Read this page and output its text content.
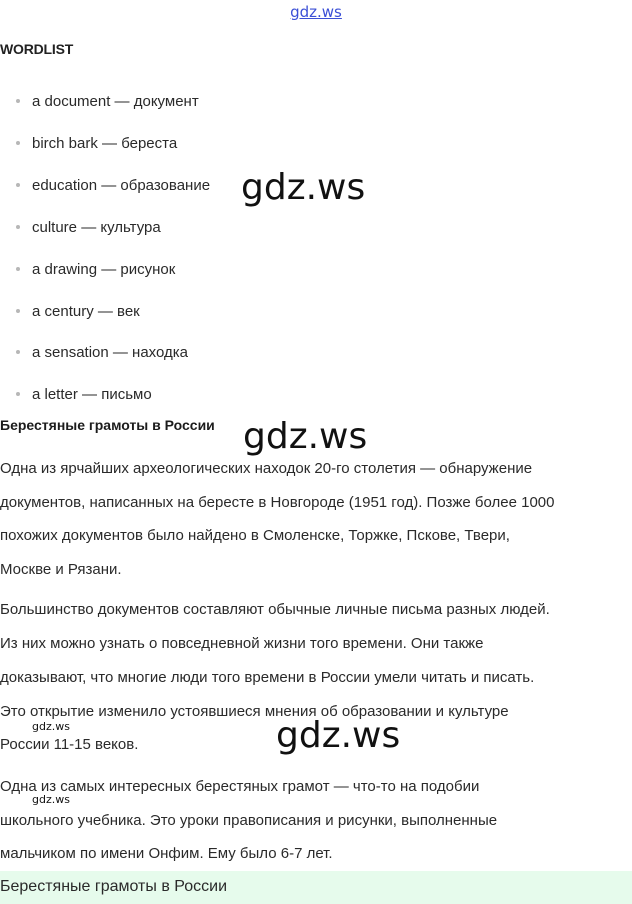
gdz.ws
WORDLIST
a document — документ
birch bark — береста
education — образование
culture — культура
a drawing — рисунок
a century — век
a sensation — находка
a letter — письмо
Берестяные грамоты в России
Одна из ярчайших археологических находок 20-го столетия — обнаружение
документов, написанных на бересте в Новгороде (1951 год). Позже более 1000
похожих документов было найдено в Смоленске, Торжке, Пскове, Твери,
Москве и Рязани.
Большинство документов составляют обычные личные письма разных людей.
Из них можно узнать о повседневной жизни того времени. Они также
доказывают, что многие люди того времени в России умели читать и писать.
Это открытие изменило устоявшиеся мнения об образовании и культуре
России 11-15 веков.
Одна из самых интересных берестяных грамот — что-то на подобии
школьного учебника. Это уроки правописания и рисунки, выполненные
мальчиком по имени Онфим. Ему было 6-7 лет.
gdz.ws
gdz.ws
gdz.ws
gdz.ws
gdz.ws
Берестяные грамоты в России
